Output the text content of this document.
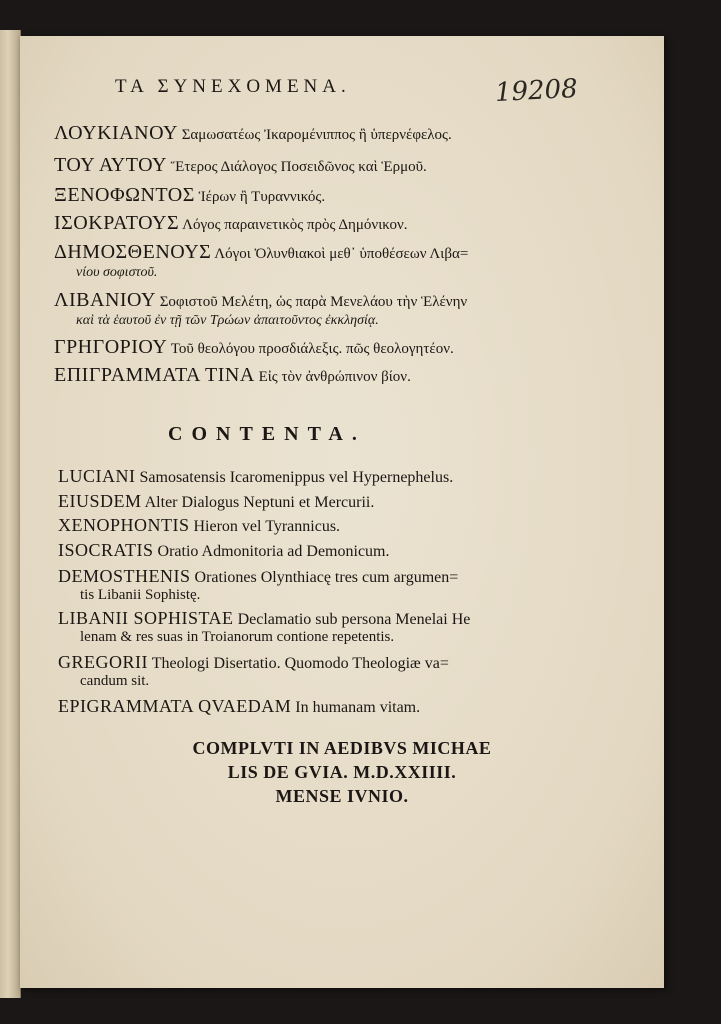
ΤΑ ΣΥΝΕΧΟΜΕΝΑ.	19208
ΛΟΥΚΙΑΝΟΥ Σαμωσατέως Ἰκαρομένιππος ἢ ὑπερνέφελος.
ΤΟΥ ΑΥΤΟΥ Ἕτερος Διάλογος Ποσειδῶνος καὶ Ἑρμοῦ.
ΞΕΝΟΦΩΝΤΟΣ Ἱέρων ἢ Τυραννικός.
ΙΣΟΚΡΑΤΟΥΣ Λόγος παραινετικὸς πρὸς Δημόνικον.
ΔΗΜΟΣΘΕΝΟΥΣ Λόγοι Ὀλυνθιακοὶ μεθ᾽ ὑποθέσεων Λιβα=
νίου σοφιστοῦ.
ΛΙΒΑΝΙΟΥ Σοφιστοῦ Μελέτη, ὡς παρὰ Μενελάου τὴν Ἑλένην
καὶ τὰ ἑαυτοῦ ἐν τῇ τῶν Τρώων ἀπαιτοῦντος ἐκκλησίᾳ.
ΓΡΗΓΟΡΙΟΥ Τοῦ θεολόγου προσδιάλεξις. πῶς θεολογητέον.
ΕΠΙΓΡΑΜΜΑΤΑ ΤΙΝΑ Εἰς τὸν ἀνθρώπινον βίον.
CONTENTA.
LUCIANI Samosatensis Icaromenippus vel Hypernephelus.
EIUSDEM Alter Dialogus Neptuni et Mercurii.
XENOPHONTIS Hieron vel Tyrannicus.
ISOCRATIS Oratio Admonitoria ad Demonicum.
DEMOSTHENIS Orationes Olynthiacę tres cum argumen=
tis Libanii Sophistę.
LIBANII SOPHISTAE Declamatio sub persona Menelai He
lenam & res suas in Troianorum contione repetentis.
GREGORII Theologi Disertatio. Quomodo Theologiæ va=
candum sit.
EPIGRAMMATA QVAEDAM In humanam vitam.
COMPLVTI IN AEDIBVS MICHAE
LIS DE GVIA. M.D.XXIIII.
MENSE IVNIO.
